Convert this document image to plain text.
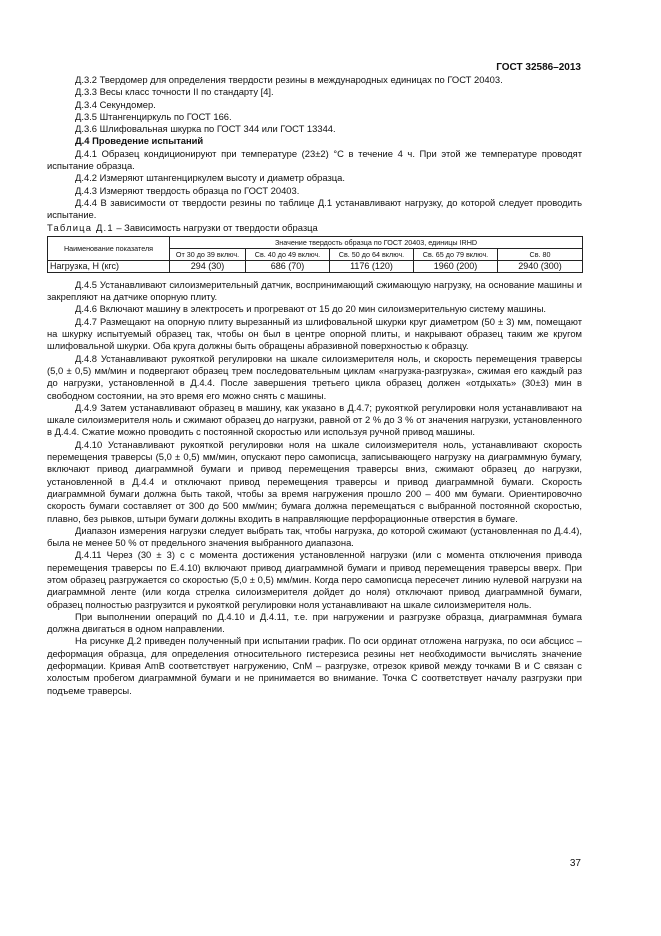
ГОСТ 32586–2013

Д.3.2 Твердомер для определения твердости резины в международных единицах по ГОСТ 20403.

Д.3.3 Весы класс точности II по стандарту [4].

Д.3.4 Секундомер.

Д.3.5 Штангенциркуль по ГОСТ 166.

Д.3.6 Шлифовальная шкурка по ГОСТ 344 или ГОСТ 13344.

Д.4 Проведение испытаний

Д.4.1 Образец кондиционируют при температуре (23±2) °С в течение 4 ч. При этой же температуре проводят испытание образца.

Д.4.2 Измеряют штангенциркулем высоту и диаметр образца.

Д.4.3 Измеряют твердость образца по ГОСТ 20403.

Д.4.4 В зависимости от твердости резины по таблице Д.1 устанавливают нагрузку, до которой следует проводить испытание.

Таблица Д.1 – Зависимость нагрузки от твердости образца
Наименование показателя	Значение твердость образца по ГОСТ 20403, единицы IRHD				
	От 30 до 39 включ.	Св. 40 до 49 включ.	Св. 50 до 64 включ.	Св. 65 до 79 включ.	Св. 80
Нагрузка, Н (кгс)	294 (30)	686 (70)	1176 (120)	1960 (200)	2940 (300)

Д.4.5 Устанавливают силоизмерительный датчик, воспринимающий сжимающую нагрузку, на основание машины и закрепляют на датчике опорную плиту.

Д.4.6 Включают машину в электросеть и прогревают от 15 до 20 мин силоизмерительную систему машины.

Д.4.7 Размещают на опорную плиту вырезанный из шлифовальной шкурки круг диаметром (50 ± 3) мм, помещают на шкурку испытуемый образец так, чтобы он был в центре опорной плиты, и накрывают образец таким же кругом шлифовальной шкурки. Оба круга должны быть обращены абразивной поверхностью к образцу.

Д.4.8 Устанавливают рукояткой регулировки на шкале силоизмерителя ноль, и скорость перемещения траверсы (5,0 ± 0,5) мм/мин и подвергают образец трем последовательным циклам «нагрузка-разгрузка», сжимая его каждый раз до нагрузки, установленной в Д.4.4. После завершения третьего цикла образец должен «отдыхать» (30±3) мин в свободном состоянии, на это время его можно снять с машины.

Д.4.9 Затем устанавливают образец в машину, как указано в Д.4.7; рукояткой регулировки ноля устанавливают на шкале силоизмерителя ноль и сжимают образец до нагрузки, равной от 2 % до 3 % от значения нагрузки, установленного в Д.4.4. Сжатие можно проводить с постоянной скоростью или используя ручной привод машины.

Д.4.10 Устанавливают рукояткой регулировки ноля на шкале силоизмерителя ноль, устанавливают скорость перемещения траверсы (5,0 ± 0,5) мм/мин, опускают перо самописца, записывающего нагрузку на диаграммную бумагу, включают привод диаграммной бумаги и привод перемещения траверсы вниз, сжимают образец до нагрузки, установленной в Д.4.4 и отключают привод перемещения траверсы и привод диаграммной бумаги. Скорость диаграммной бумаги должна быть такой, чтобы за время нагружения прошло 200 – 400 мм бумаги. Ориентировочно скорость бумаги составляет от 300 до 500 мм/мин; бумага должна перемещаться с выбранной постоянной скоростью, плавно, без рывков, штыри бумаги должны входить в направляющие перфорационные отверстия в бумаге.

Диапазон измерения нагрузки следует выбрать так, чтобы нагрузка, до которой сжимают (установленная по Д.4.4), была не менее 50 % от предельного значения выбранного диапазона.

Д.4.11 Через (30 ± 3) с с момента достижения установленной нагрузки (или с момента отключения привода перемещения траверсы по Е.4.10) включают привод диаграммной бумаги и привод перемещения траверсы вверх. При этом образец разгружается со скоростью (5,0 ± 0,5) мм/мин. Когда перо самописца пересечет линию нулевой нагрузки на диаграммной ленте (или когда стрелка силоизмерителя дойдет до ноля) отключают привод диаграммной бумаги, образец полностью разгрузится и рукояткой регулировки ноля устанавливают на шкале силоизмерителя ноль.

При выполнении операций по Д.4.10 и Д.4.11, т.е. при нагружении и разгрузке образца, диаграммная бумага должна двигаться в одном направлении.

На рисунке Д.2 приведен полученный при испытании график. По оси ординат отложена нагрузка, по оси абсцисс – деформация образца, для определения относительного гистерезиса резины нет необходимости вычислять значение деформации. Кривая АmВ соответствует нагружению, СnМ – разгрузке, отрезок кривой между точками В и С связан с холостым пробегом диаграммной бумаги и не принимается во внимание. Точка С соответствует началу разгрузки при подъеме траверсы.

37
